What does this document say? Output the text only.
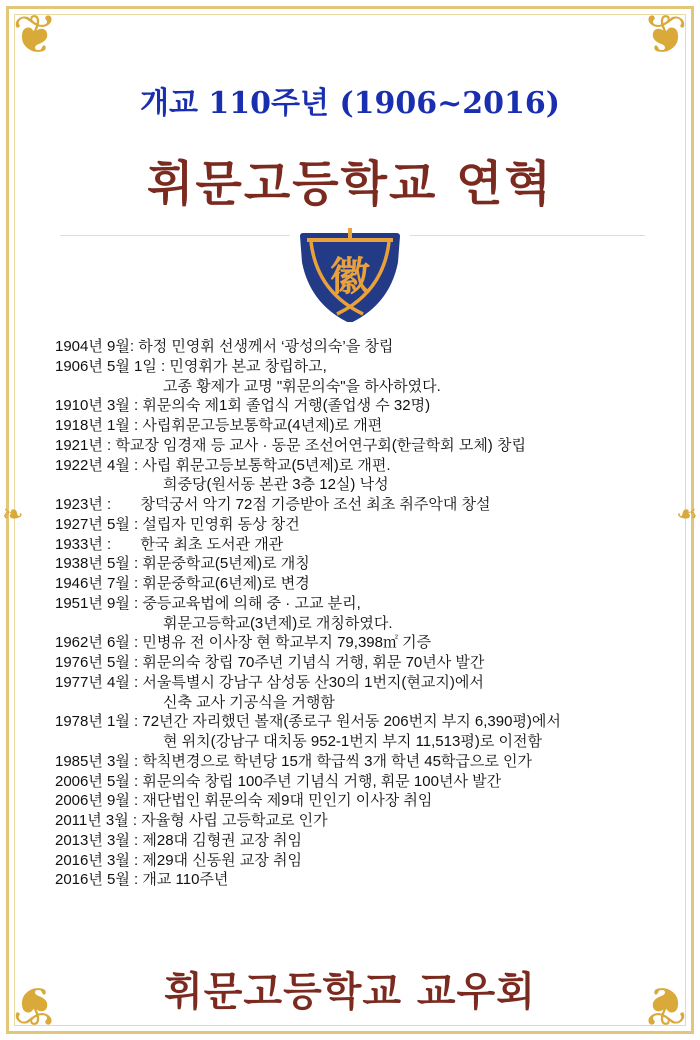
❦	❦
❦	❦
❧	❧
개교 110주년 (1906~2016)
휘문고등학교 연혁
徽
1904년 9월: 하정 민영휘 선생께서 ‘광성의숙’을 창립
1906년 5월 1일 : 민영휘가 본교 창립하고,
고종 황제가 교명 "휘문의숙"을 하사하였다.
1910년 3월 : 휘문의숙 제1회 졸업식 거행(졸업생 수 32명)
1918년 1월 : 사립휘문고등보통학교(4년제)로 개편
1921년 : 학교장 임경재 등 교사 · 동문 조선어연구회(한글학회 모체) 창립
1922년 4월 : 사립 휘문고등보통학교(5년제)로 개편.
희중당(원서동 본관 3층 12실) 낙성
1923년 :       창덕궁서 악기 72점 기증받아 조선 최초 취주악대 창설
1927년 5월 : 설립자 민영휘 동상 창건
1933년 :       한국 최초 도서관 개관
1938년 5월 : 휘문중학교(5년제)로 개칭
1946년 7월 : 휘문중학교(6년제)로 변경
1951년 9월 : 중등교육법에 의해 중 · 고교 분리,
휘문고등학교(3년제)로 개칭하였다.
1962년 6월 : 민병유 전 이사장 현 학교부지 79,398㎡ 기증
1976년 5월 : 휘문의숙 창립 70주년 기념식 거행, 휘문 70년사 발간
1977년 4월 : 서울특별시 강남구 삼성동 산30의 1번지(현교지)에서
신축 교사 기공식을 거행함
1978년 1월 : 72년간 자리했던 볼재(종로구 원서동 206번지 부지 6,390평)에서
현 위치(강남구 대치동 952-1번지 부지 11,513평)로 이전함
1985년 3월 : 학칙변경으로 학년당 15개 학급씩 3개 학년 45학급으로 인가
2006년 5월 : 휘문의숙 창립 100주년 기념식 거행, 휘문 100년사 발간
2006년 9월 : 재단법인 휘문의숙 제9대 민인기 이사장 취임
2011년 3월 : 자율형 사립 고등학교로 인가
2013년 3월 : 제28대 김형권 교장 취임
2016년 3월 : 제29대 신동원 교장 취임
2016년 5월 : 개교 110주년
휘문고등학교 교우회
